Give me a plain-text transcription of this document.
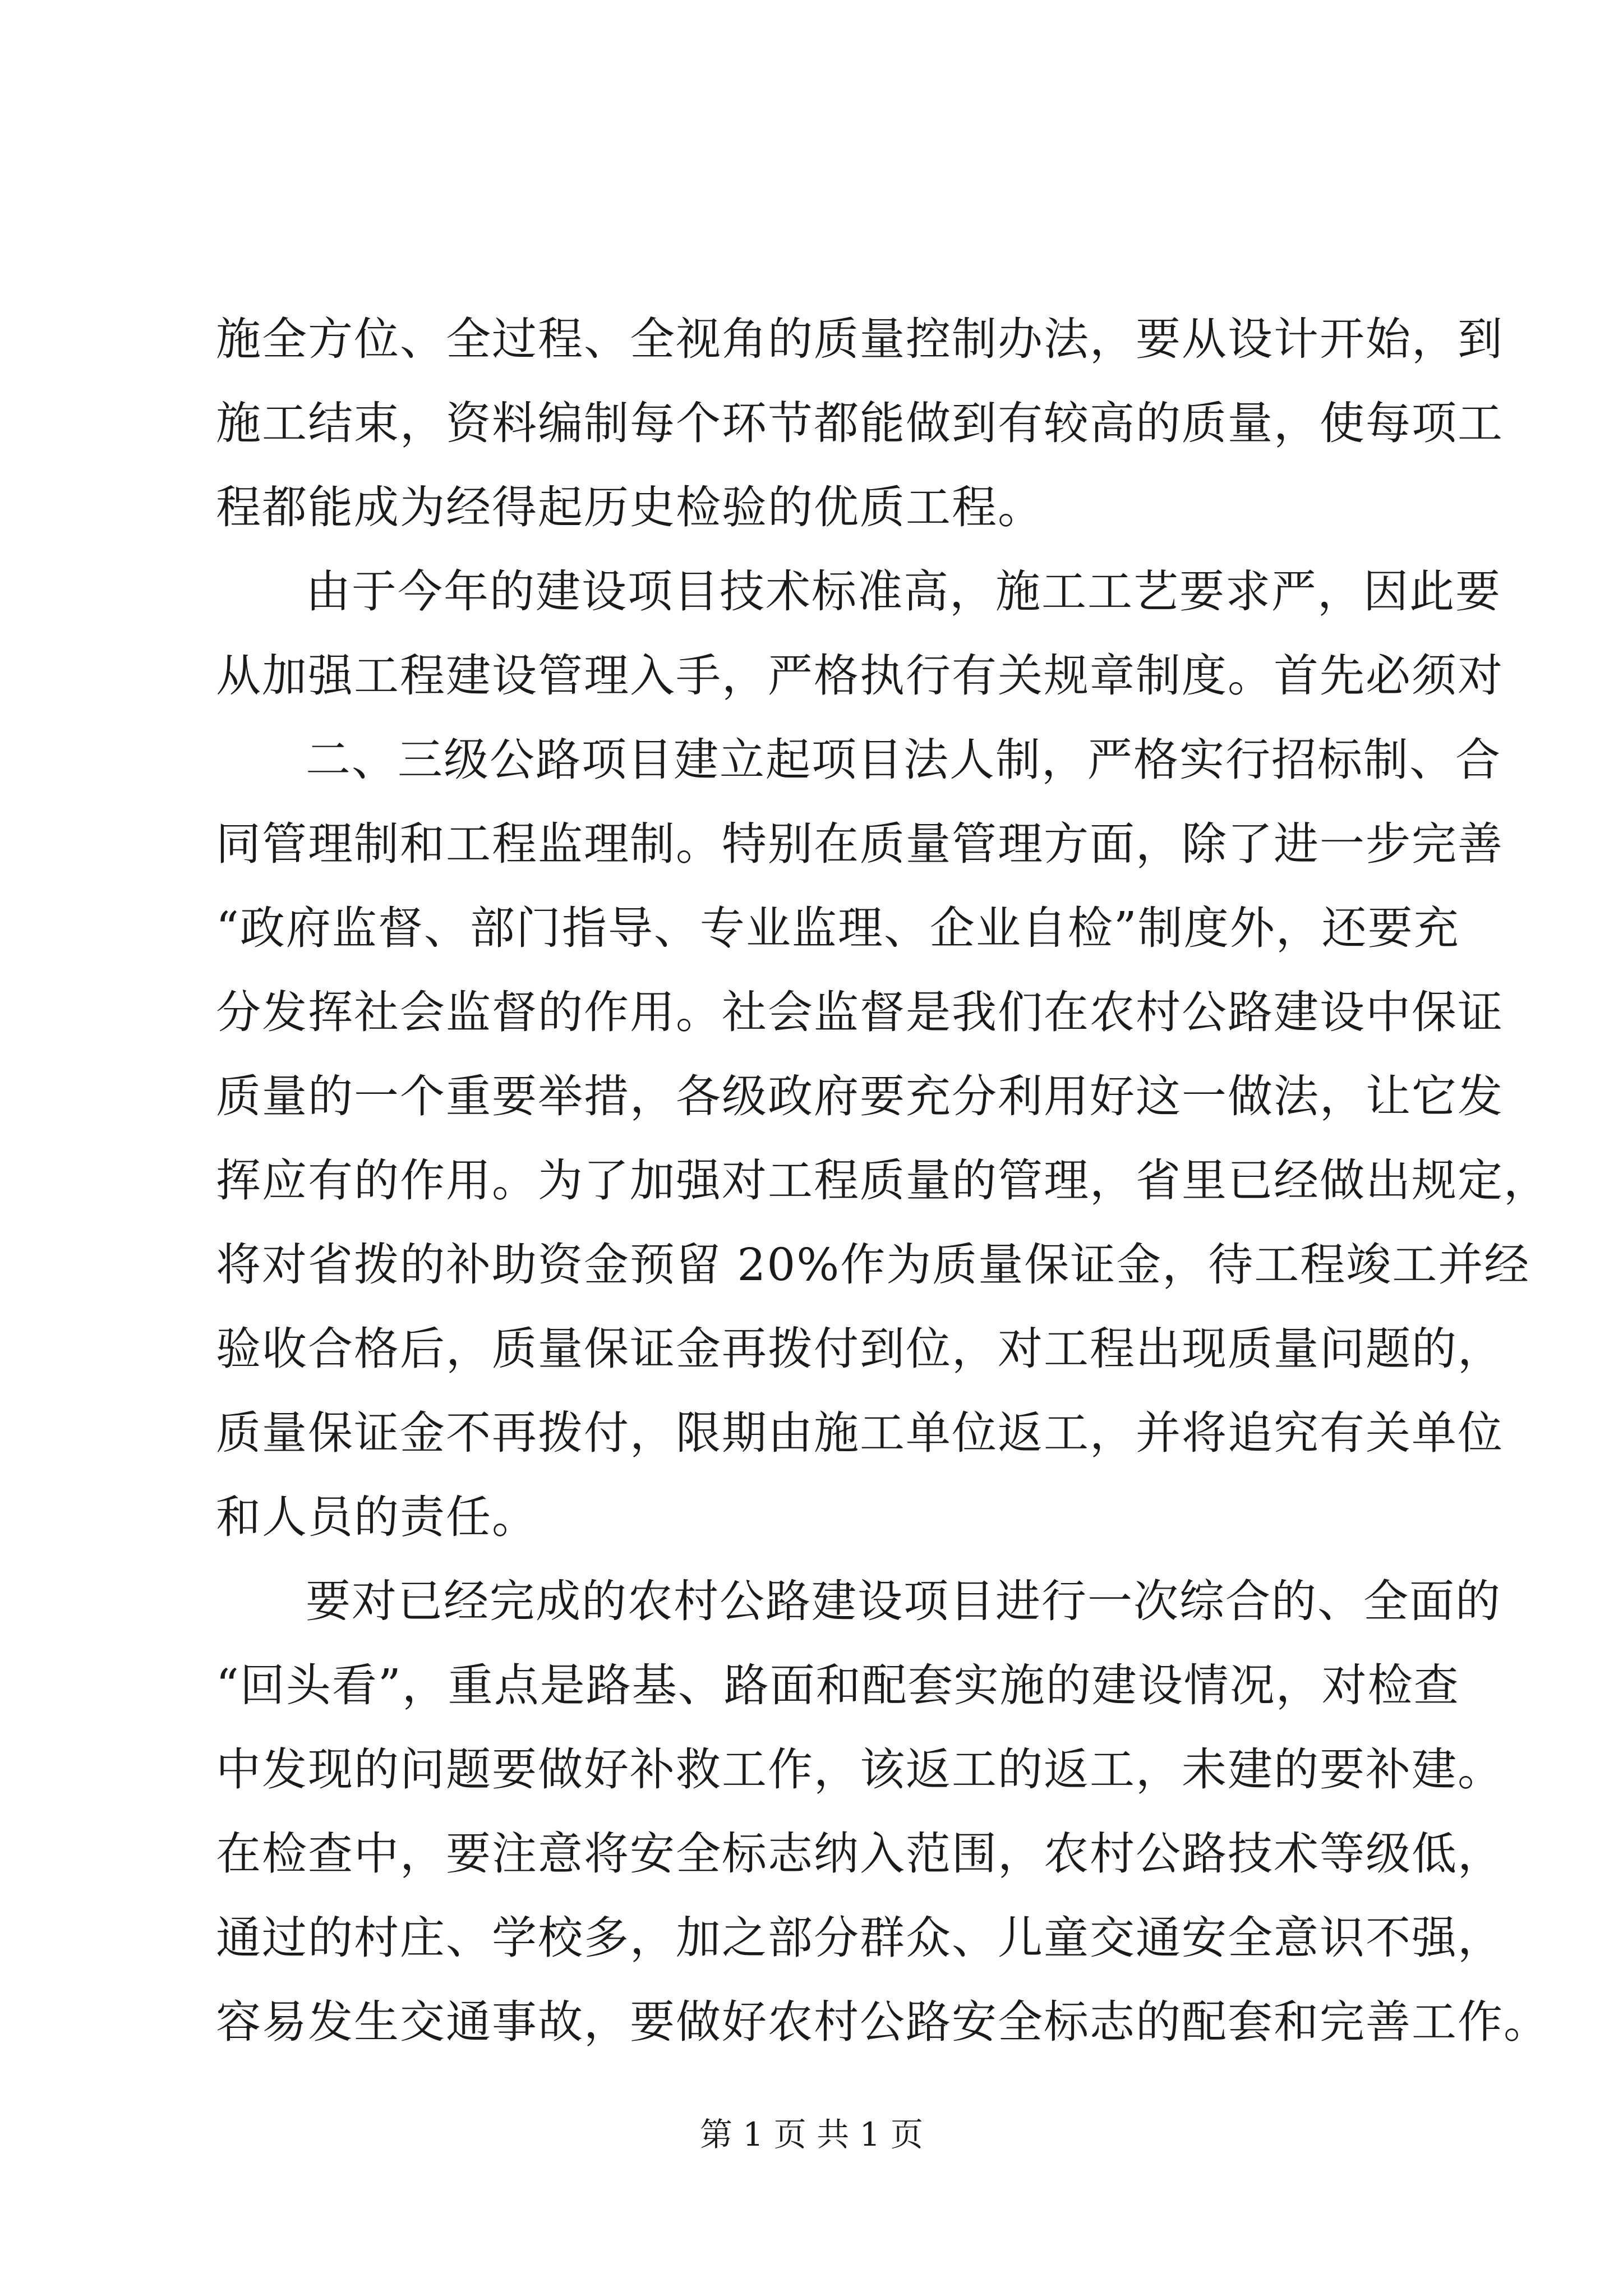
施全方位、全过程、全视角的质量控制办法，要从设计开始，到
施工结束，资料编制每个环节都能做到有较高的质量，使每项工
程都能成为经得起历史检验的优质工程。
由于今年的建设项目技术标准高，施工工艺要求严，因此要
从加强工程建设管理入手，严格执行有关规章制度。首先必须对
二、三级公路项目建立起项目法人制，严格实行招标制、合
同管理制和工程监理制。特别在质量管理方面，除了进一步完善
“政府监督、部门指导、专业监理、企业自检”制度外，还要充
分发挥社会监督的作用。社会监督是我们在农村公路建设中保证
质量的一个重要举措，各级政府要充分利用好这一做法，让它发
挥应有的作用。为了加强对工程质量的管理，省里已经做出规定，
将对省拨的补助资金预留 20%作为质量保证金，待工程竣工并经
验收合格后，质量保证金再拨付到位，对工程出现质量问题的，
质量保证金不再拨付，限期由施工单位返工，并将追究有关单位
和人员的责任。
要对已经完成的农村公路建设项目进行一次综合的、全面的
“回头看”，重点是路基、路面和配套实施的建设情况，对检查
中发现的问题要做好补救工作，该返工的返工，未建的要补建。
在检查中，要注意将安全标志纳入范围，农村公路技术等级低，
通过的村庄、学校多，加之部分群众、儿童交通安全意识不强，
容易发生交通事故，要做好农村公路安全标志的配套和完善工作。
第 1 页 共 1 页
